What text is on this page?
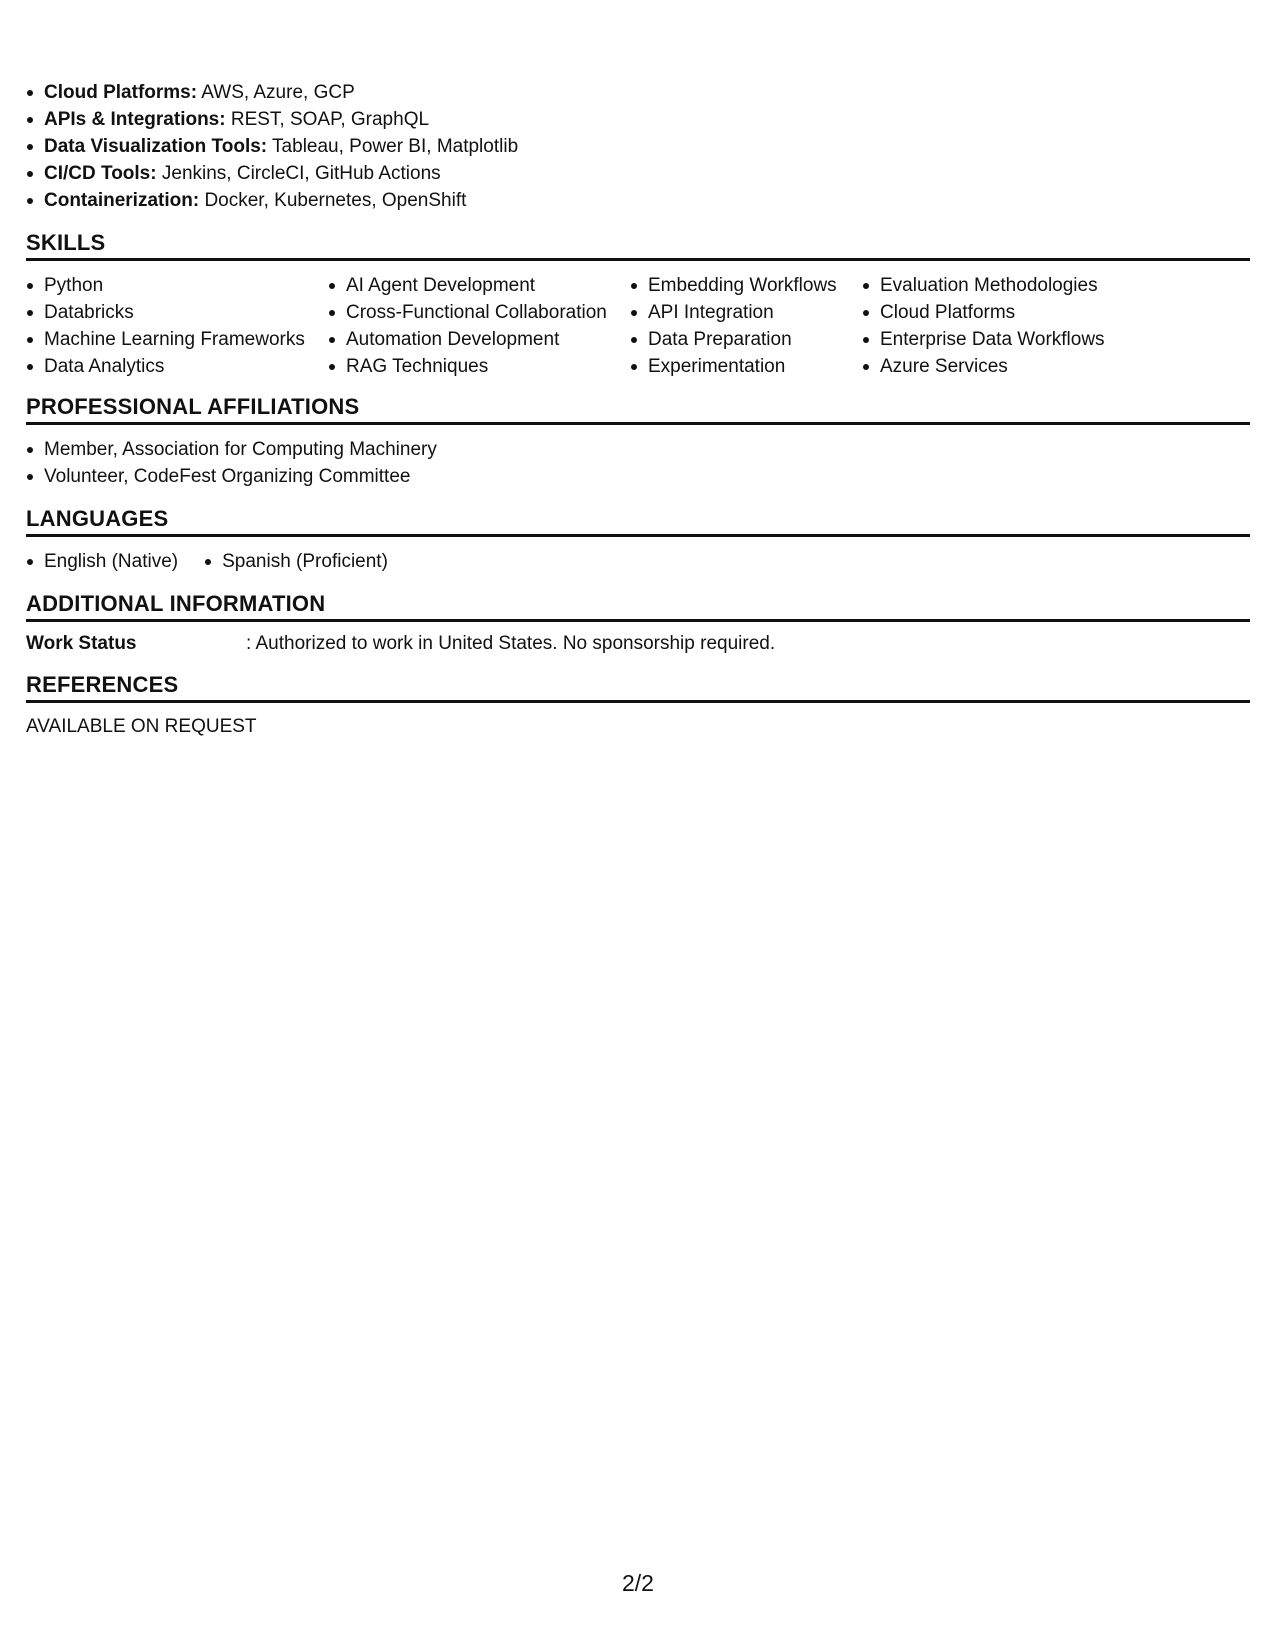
Cloud Platforms: AWS, Azure, GCP
APIs & Integrations: REST, SOAP, GraphQL
Data Visualization Tools: Tableau, Power BI, Matplotlib
CI/CD Tools: Jenkins, CircleCI, GitHub Actions
Containerization: Docker, Kubernetes, OpenShift
SKILLS
Python
Databricks
Machine Learning Frameworks
Data Analytics
AI Agent Development
Cross-Functional Collaboration
Automation Development
RAG Techniques
Embedding Workflows
API Integration
Data Preparation
Experimentation
Evaluation Methodologies
Cloud Platforms
Enterprise Data Workflows
Azure Services
PROFESSIONAL AFFILIATIONS
Member, Association for Computing Machinery
Volunteer, CodeFest Organizing Committee
LANGUAGES
English (Native)	Spanish (Proficient)
ADDITIONAL INFORMATION
Work Status	: Authorized to work in United States. No sponsorship required.
REFERENCES
AVAILABLE ON REQUEST
2/2
